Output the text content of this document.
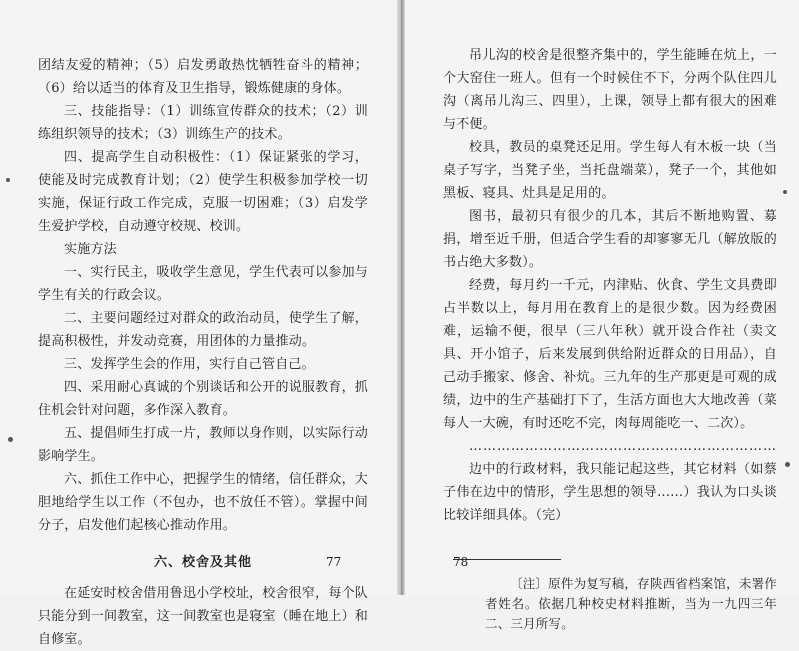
团结友爱的精神；（5）启发勇敢热忱牺牲奋斗的精神；（6）给以适当的体育及卫生指导，锻炼健康的身体。

三、技能指导：（1）训练宣传群众的技术；（2）训练组织领导的技术；（3）训练生产的技术。

四、提高学生自动积极性：（1）保证紧张的学习，使能及时完成教育计划；（2）使学生积极参加学校一切实施，保证行政工作完成，克服一切困难；（3）启发学生爱护学校，自动遵守校规、校训。

实施方法

一、实行民主，吸收学生意见，学生代表可以参加与学生有关的行政会议。

二、主要问题经过对群众的政治动员，使学生了解，提高积极性，并发动竞赛，用团体的力量推动。

三、发挥学生会的作用，实行自己管自己。

四、采用耐心真诚的个别谈话和公开的说服教育，抓住机会针对问题，多作深入教育。

五、提倡师生打成一片，教师以身作则，以实际行动影响学生。

六、抓住工作中心，把握学生的情绪，信任群众，大胆地给学生以工作（不包办，也不放任不管）。掌握中间分子，启发他们起核心推动作用。

六、校舍及其他

在延安时校舍借用鲁迅小学校址，校舍很窄，每个队只能分到一间教室，这一间教室也是寝室（睡在地上）和自修室。

77

吊儿沟的校舍是很整齐集中的，学生能睡在炕上，一个大窑住一班人。但有一个时候住不下，分两个队住四儿沟（离吊儿沟三、四里），上课，领导上都有很大的困难与不便。

校具，教员的桌凳还足用。学生每人有木板一块（当桌子写字，当凳子坐，当托盘端菜），凳子一个，其他如黑板、寝具、灶具是足用的。

图书，最初只有很少的几本，其后不断地购置、募捐，增至近千册，但适合学生看的却寥寥无几（解放版的书占绝大多数）。

经费，每月约一千元，内津贴、伙食、学生文具费即占半数以上，每月用在教育上的是很少数。因为经费困难，运输不便，很早（三八年秋）就开设合作社（卖文具、开小馆子，后来发展到供给附近群众的日用品），自己动手搬家、修舍、补炕。三九年的生产那更是可观的成绩，边中的生产基础打下了，生活方面也大大地改善（菜每人一大碗，有时还吃不完，肉每周能吃一、二次）。

…………………………………………………………

边中的行政材料，我只能记起这些，其它材料（如蔡子伟在边中的情形，学生思想的领导……）我认为口头谈比较详细具体。（完）

〔注〕原件为复写稿，存陕西省档案馆，未署作者姓名。依据几种校史材料推断，当为一九四三年二、三月所写。
78
